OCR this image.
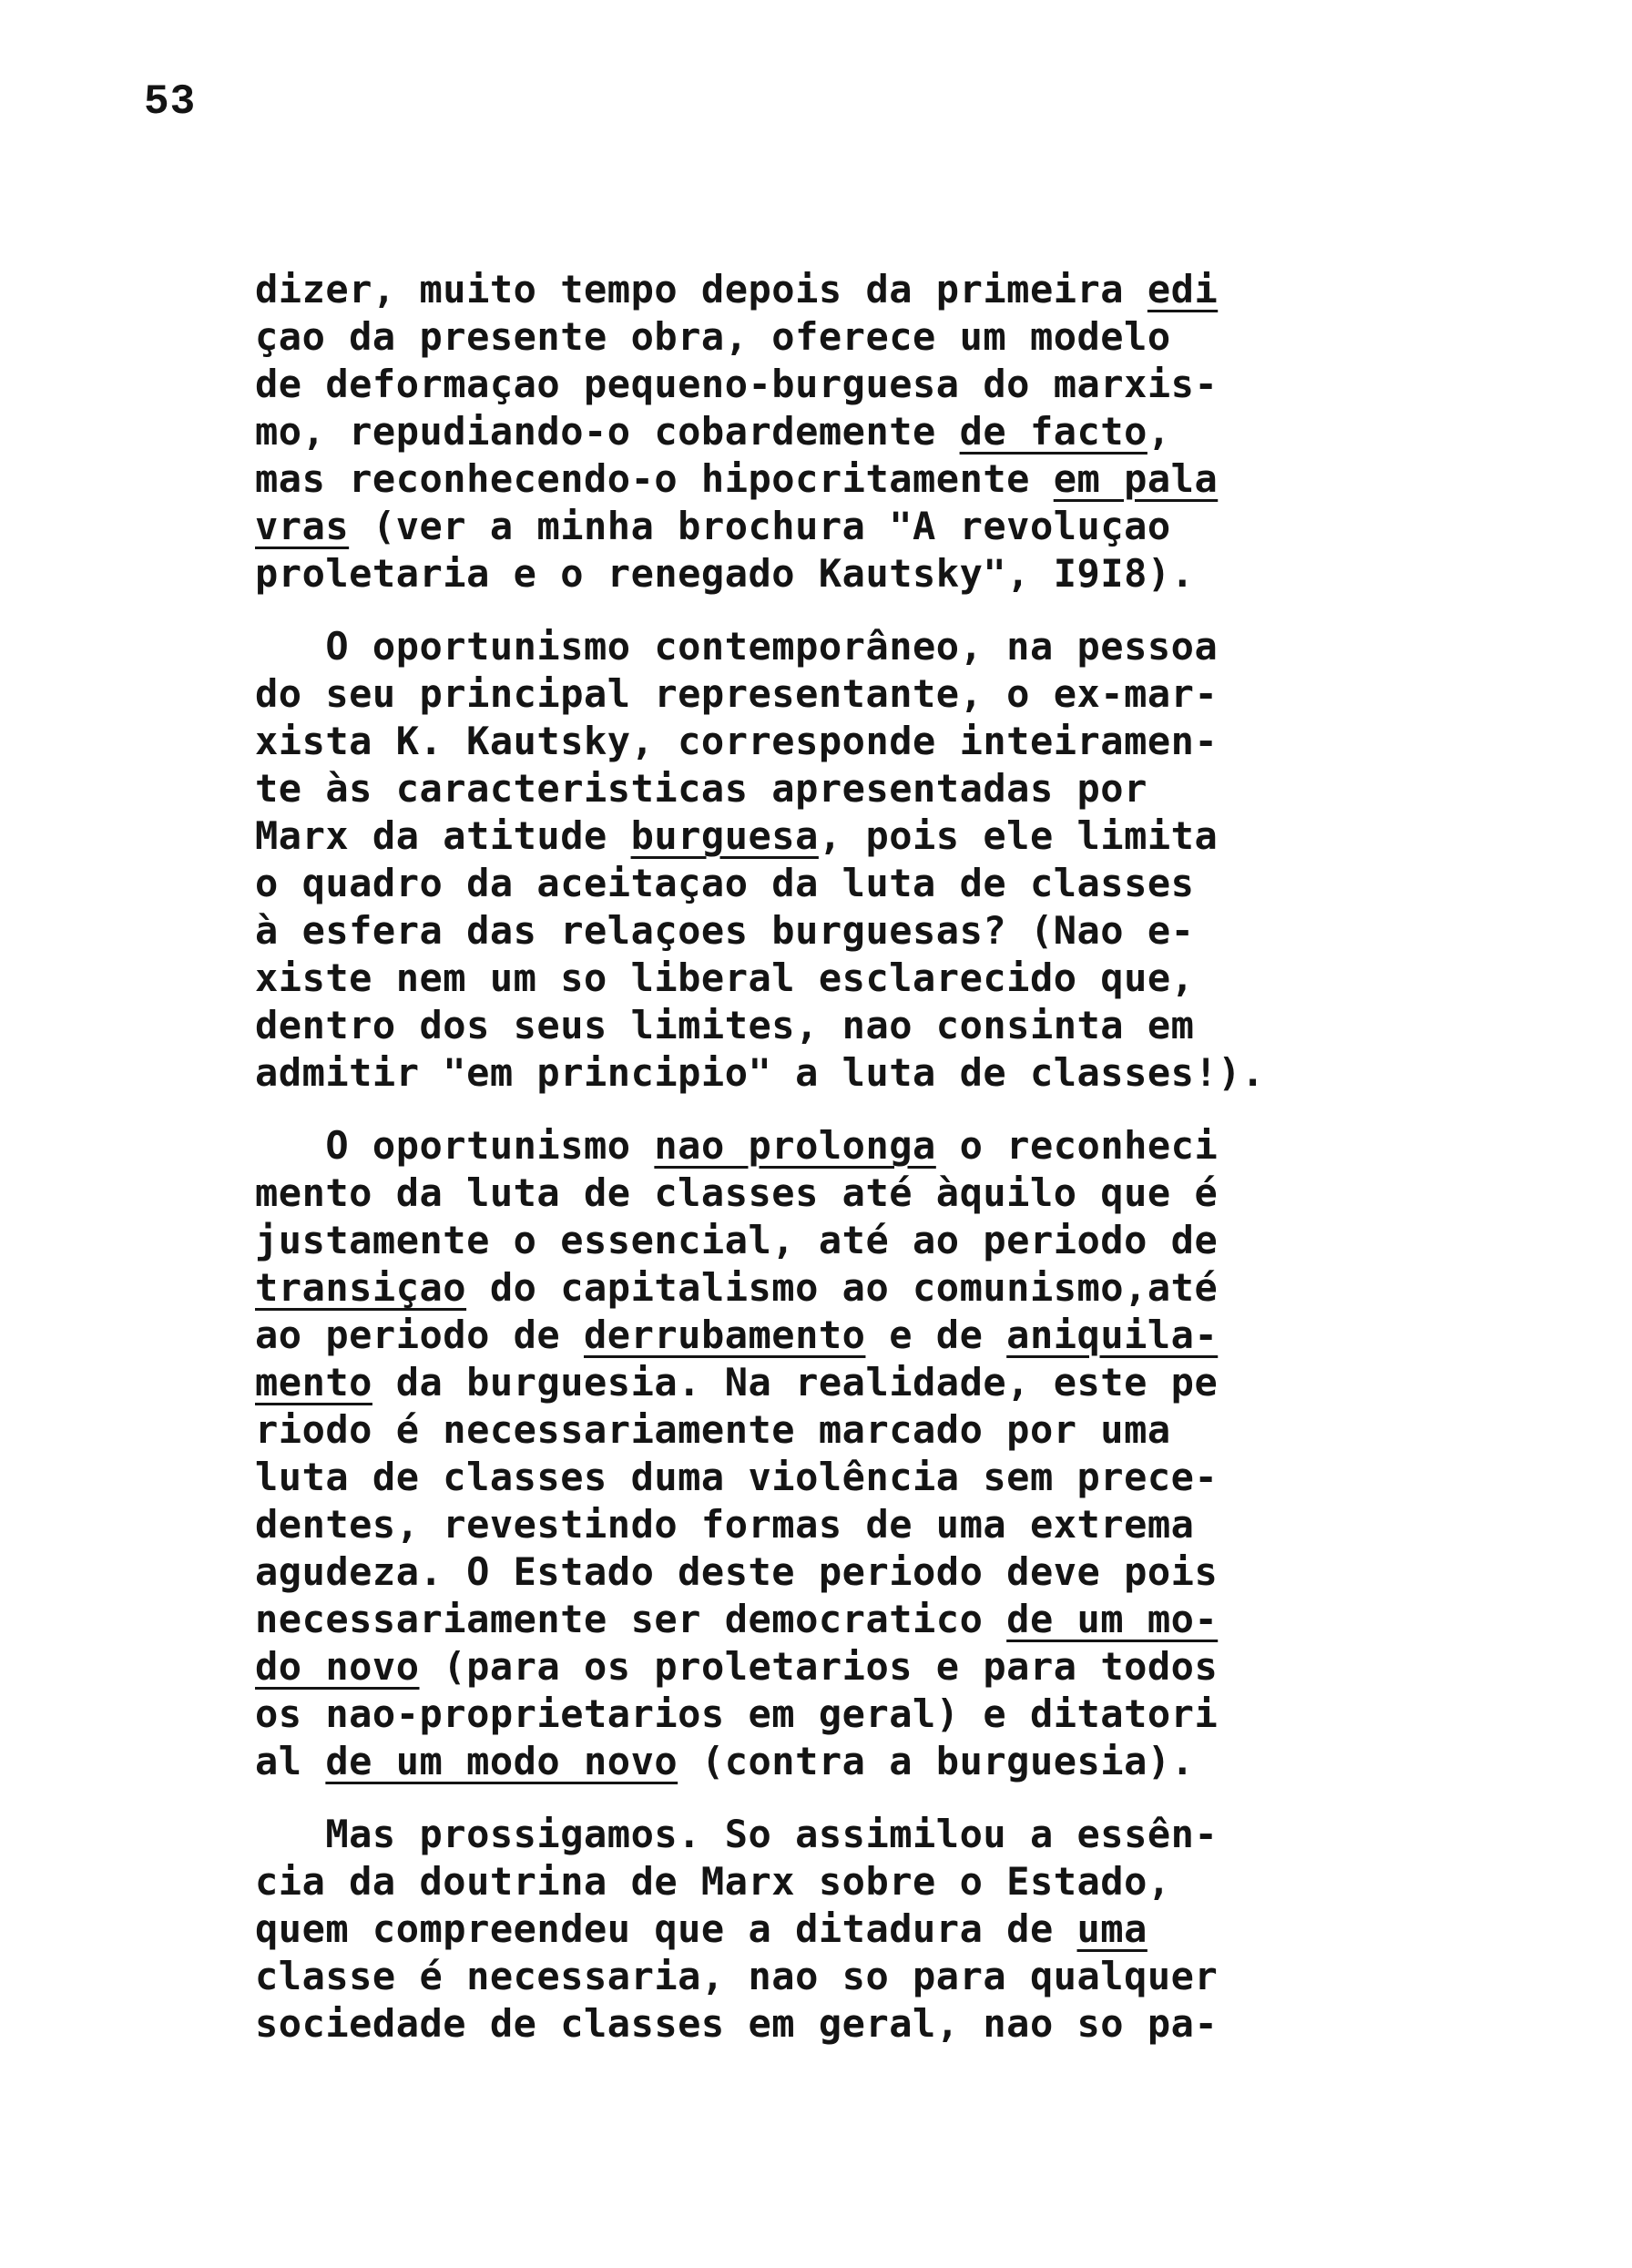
53
dizer, muito tempo depois da primeira edi
çao da presente obra, oferece um modelo
de deformaçao pequeno-burguesa do marxis-
mo, repudiando-o cobardemente de facto,
mas reconhecendo-o hipocritamente em pala
vras (ver a minha brochura "A revoluçao
proletaria e o renegado Kautsky", I9I8).
O oportunismo contemporâneo, na pessoa
do seu principal representante, o ex-mar-
xista K. Kautsky, corresponde inteiramen-
te às caracteristicas apresentadas por
Marx da atitude burguesa, pois ele limita
o quadro da aceitaçao da luta de classes
à esfera das relaçoes burguesas? (Nao e-
xiste nem um so liberal esclarecido que,
dentro dos seus limites, nao consinta em
admitir "em principio" a luta de classes!).
O oportunismo nao prolonga o reconheci
mento da luta de classes até àquilo que é
justamente o essencial, até ao periodo de
transiçao do capitalismo ao comunismo,até
ao periodo de derrubamento e de aniquila-
mento da burguesia. Na realidade, este pe
riodo é necessariamente marcado por uma
luta de classes duma violência sem prece-
dentes, revestindo formas de uma extrema
agudeza. O Estado deste periodo deve pois
necessariamente ser democratico de um mo-
do novo (para os proletarios e para todos
os nao-proprietarios em geral) e ditatori
al de um modo novo (contra a burguesia).
Mas prossigamos. So assimilou a essên-
cia da doutrina de Marx sobre o Estado,
quem compreendeu que a ditadura de uma
classe é necessaria, nao so para qualquer
sociedade de classes em geral, nao so pa-
